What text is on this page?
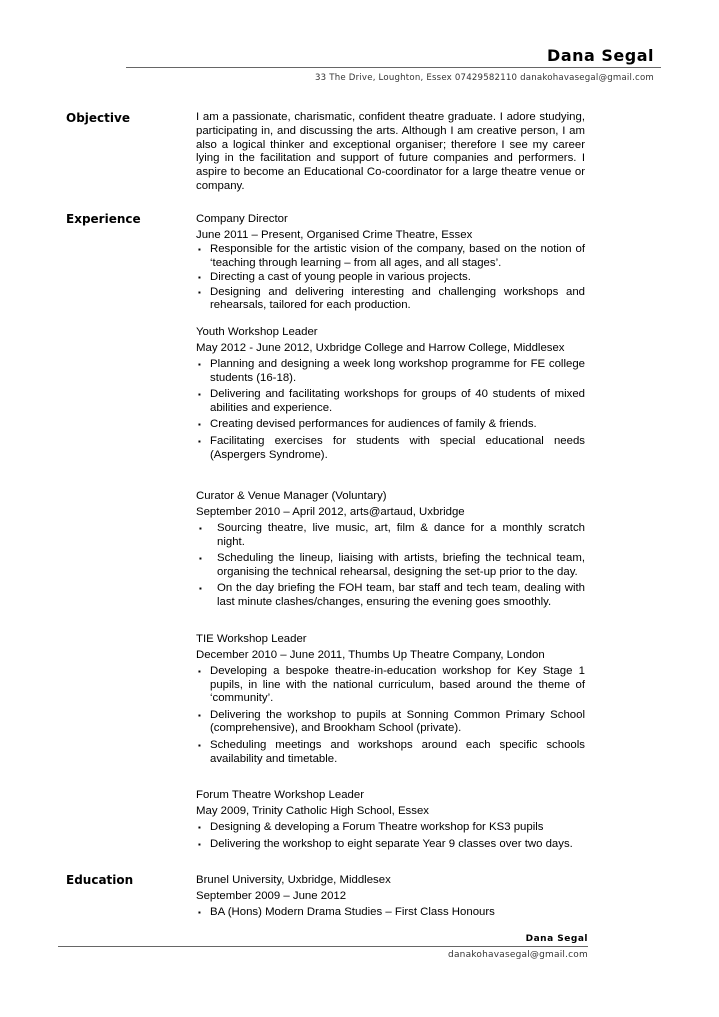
Dana Segal
33 The Drive, Loughton, Essex 07429582110 danakohavasegal@gmail.com
Objective	I am a passionate, charismatic, confident theatre graduate. I adore studying, participating in, and discussing the arts. Although I am creative person, I am also a logical thinker and exceptional organiser; therefore I see my career lying in the facilitation and support of future companies and performers. I aspire to become an Educational Co-coordinator for a large theatre venue or company.

Experience	Company Director

June 2011 – Present, Organised Crime Theatre, Essex

▪ Responsible for the artistic vision of the company, based on the notion of ‘teaching through learning – from all ages, and all stages’.
▪ Directing a cast of young people in various projects.
▪ Designing and delivering interesting and challenging workshops and rehearsals, tailored for each production.

Youth Workshop Leader

May 2012 - June 2012, Uxbridge College and Harrow College, Middlesex

▪ Planning and designing a week long workshop programme for FE college students (16-18).
▪ Delivering and facilitating workshops for groups of 40 students of mixed abilities and experience.
▪ Creating devised performances for audiences of family & friends.
▪ Facilitating exercises for students with special educational needs (Aspergers Syndrome).

Curator & Venue Manager (Voluntary)

September 2010 – April 2012, arts@artaud, Uxbridge

▪ Sourcing theatre, live music, art, film & dance for a monthly scratch night.
▪ Scheduling the lineup, liaising with artists, briefing the technical team, organising the technical rehearsal, designing the set-up prior to the day.
▪ On the day briefing the FOH team, bar staff and tech team, dealing with last minute clashes/changes, ensuring the evening goes smoothly.

TIE Workshop Leader

December 2010 – June 2011, Thumbs Up Theatre Company, London

▪ Developing a bespoke theatre-in-education workshop for Key Stage 1 pupils, in line with the national curriculum, based around the theme of ‘community’.
▪ Delivering the workshop to pupils at Sonning Common Primary School (comprehensive), and Brookham School (private).
▪ Scheduling meetings and workshops around each specific schools availability and timetable.

Forum Theatre Workshop Leader

May 2009, Trinity Catholic High School, Essex

▪ Designing & developing a Forum Theatre workshop for KS3 pupils
▪ Delivering the workshop to eight separate Year 9 classes over two days.
Education	Brunel University, Uxbridge, Middlesex

September 2009 – June 2012

▪ BA (Hons) Modern Drama Studies – First Class Honours
Dana Segal
danakohavasegal@gmail.com
